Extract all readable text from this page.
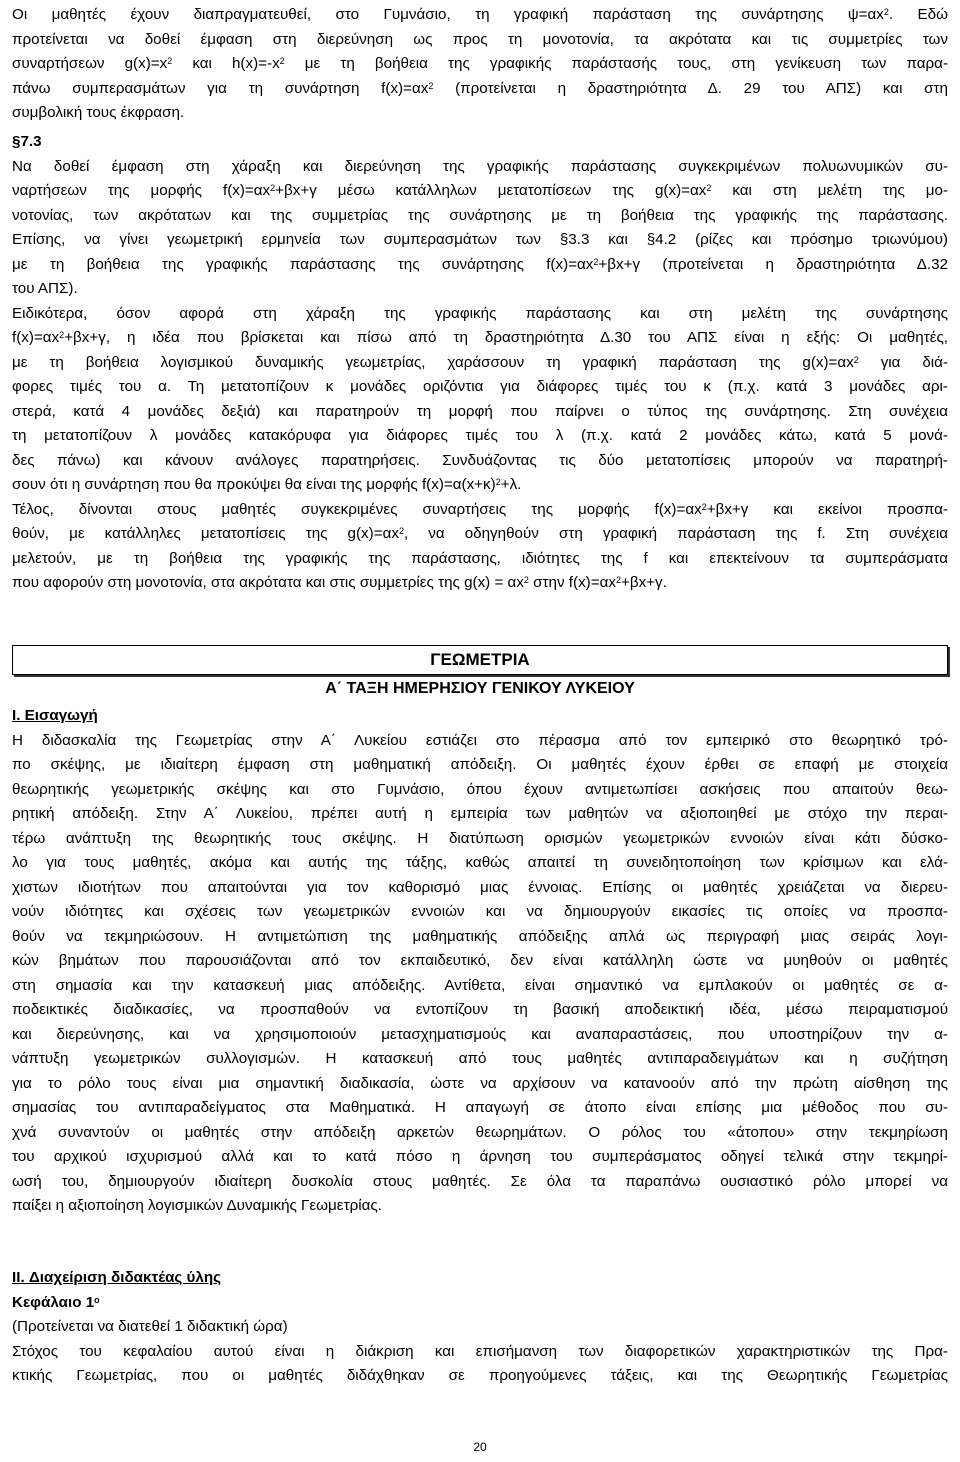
Οι μαθητές έχουν διαπραγματευθεί, στο Γυμνάσιο, τη γραφική παράσταση της συνάρτησης $\psi=\alpha x^2$. Εδώ
προτείνεται να δοθεί έμφαση στη διερεύνηση ως προς τη μονοτονία, τα ακρότατα και τις συμμετρίες των
συναρτήσεων $g(x)=x^2$ και $h(x)=-x^2$ με τη βοήθεια της γραφικής παράστασής τους, στη γενίκευση των παρα-
πάνω συμπερασμάτων για τη συνάρτηση $f(x)=\alpha x^2$ (προτείνεται η δραστηριότητα Δ. 29 του ΑΠΣ) και στη
συμβολική τους έκφραση.
§7.3
Να δοθεί έμφαση στη χάραξη και διερεύνηση της γραφικής παράστασης συγκεκριμένων πολυωνυμικών συ-
ναρτήσεων της μορφής $f(x)=\alpha x^2+\beta x+\gamma$ μέσω κατάλληλων μετατοπίσεων της $g(x)=\alpha x^2$ και στη μελέτη της μο-
νοτονίας, των ακρότατων και της συμμετρίας της συνάρτησης με τη βοήθεια της γραφικής της παράστασης.
Επίσης, να γίνει γεωμετρική ερμηνεία των συμπερασμάτων των §3.3 και §4.2 (ρίζες και πρόσημο τριωνύμου)
με τη βοήθεια της γραφικής παράστασης της συνάρτησης $f(x)=\alpha x^2+\beta x+\gamma$ (προτείνεται η δραστηριότητα Δ.32
του ΑΠΣ).
Ειδικότερα, όσον αφορά στη χάραξη της γραφικής παράστασης και στη μελέτη της συνάρτησης
$f(x)=\alpha x^2+\beta x+\gamma$, η ιδέα που βρίσκεται και πίσω από τη δραστηριότητα Δ.30 του ΑΠΣ είναι η εξής: Οι μαθητές,
με τη βοήθεια λογισμικού δυναμικής γεωμετρίας, χαράσσουν τη γραφική παράσταση της $g(x)=\alpha x^2$ για διά-
φορες τιμές του α. Τη μετατοπίζουν κ μονάδες οριζόντια για διάφορες τιμές του κ (π.χ. κατά 3 μονάδες αρι-
στερά, κατά 4 μονάδες δεξιά) και παρατηρούν τη μορφή που παίρνει ο τύπος της συνάρτησης. Στη συνέχεια
τη μετατοπίζουν λ μονάδες κατακόρυφα για διάφορες τιμές του λ (π.χ. κατά 2 μονάδες κάτω, κατά 5 μονά-
δες πάνω) και κάνουν ανάλογες παρατηρήσεις. Συνδυάζοντας τις δύο μετατοπίσεις μπορούν να παρατηρή-
σουν ότι η συνάρτηση που θα προκύψει θα είναι της μορφής $f(x)=\alpha(x+\kappa)^2+\lambda$.
Τέλος, δίνονται στους μαθητές συγκεκριμένες συναρτήσεις της μορφής $f(x)=\alpha x^2+\beta x+\gamma$ και εκείνοι προσπα-
θούν, με κατάλληλες μετατοπίσεις της $g(x)=\alpha x^2$, να οδηγηθούν στη γραφική παράσταση της f. Στη συνέχεια
μελετούν, με τη βοήθεια της γραφικής της παράστασης, ιδιότητες της f και επεκτείνουν τα συμπεράσματα
που αφορούν στη μονοτονία, στα ακρότατα και στις συμμετρίες της $g(x) = \alpha x^2$ στην $f(x)=\alpha x^2+\beta x+\gamma$.
ΓΕΩΜΕΤΡΙΑ
Α΄ ΤΑΞΗ ΗΜΕΡΗΣΙΟΥ ΓΕΝΙΚΟΥ ΛΥΚΕΙΟΥ
I. Εισαγωγή
Η διδασκαλία της Γεωμετρίας στην Α΄ Λυκείου εστιάζει στο πέρασμα από τον εμπειρικό στο θεωρητικό τρό-
πο σκέψης, με ιδιαίτερη έμφαση στη μαθηματική απόδειξη. Οι μαθητές έχουν έρθει σε επαφή με στοιχεία
θεωρητικής γεωμετρικής σκέψης και στο Γυμνάσιο, όπου έχουν αντιμετωπίσει ασκήσεις που απαιτούν θεω-
ρητική απόδειξη. Στην Α΄ Λυκείου, πρέπει αυτή η εμπειρία των μαθητών να αξιοποιηθεί με στόχο την περαι-
τέρω ανάπτυξη της θεωρητικής τους σκέψης. Η διατύπωση ορισμών γεωμετρικών εννοιών είναι κάτι δύσκο-
λο για τους μαθητές, ακόμα και αυτής της τάξης, καθώς απαιτεί τη συνειδητοποίηση των κρίσιμων και ελά-
χιστων ιδιοτήτων που απαιτούνται για τον καθορισμό μιας έννοιας. Επίσης οι μαθητές χρειάζεται να διερευ-
νούν ιδιότητες και σχέσεις των γεωμετρικών εννοιών και να δημιουργούν εικασίες τις οποίες να προσπα-
θούν να τεκμηριώσουν. Η αντιμετώπιση της μαθηματικής απόδειξης απλά ως περιγραφή μιας σειράς λογι-
κών βημάτων που παρουσιάζονται από τον εκπαιδευτικό, δεν είναι κατάλληλη ώστε να μυηθούν οι μαθητές
στη σημασία και την κατασκευή μιας απόδειξης. Αντίθετα, είναι σημαντικό να εμπλακούν οι μαθητές σε α-
ποδεικτικές διαδικασίες, να προσπαθούν να εντοπίζουν τη βασική αποδεικτική ιδέα, μέσω πειραματισμού
και διερεύνησης, και να χρησιμοποιούν μετασχηματισμούς και αναπαραστάσεις, που υποστηρίζουν την α-
νάπτυξη γεωμετρικών συλλογισμών. Η κατασκευή από τους μαθητές αντιπαραδειγμάτων και η συζήτηση
για το ρόλο τους είναι μια σημαντική διαδικασία, ώστε να αρχίσουν να κατανοούν από την πρώτη αίσθηση της
σημασίας του αντιπαραδείγματος στα Μαθηματικά. Η απαγωγή σε άτοπο είναι επίσης μια μέθοδος που συ-
χνά συναντούν οι μαθητές στην απόδειξη αρκετών θεωρημάτων. Ο ρόλος του «άτοπου» στην τεκμηρίωση
του αρχικού ισχυρισμού αλλά και το κατά πόσο η άρνηση του συμπεράσματος οδηγεί τελικά στην τεκμηρί-
ωσή του, δημιουργούν ιδιαίτερη δυσκολία στους μαθητές. Σε όλα τα παραπάνω ουσιαστικό ρόλο μπορεί να
παίξει η αξιοποίηση λογισμικών Δυναμικής Γεωμετρίας.
II. Διαχείριση διδακτέας ύλης
Κεφάλαιο $1^o$
(Προτείνεται να διατεθεί 1 διδακτική ώρα)
Στόχος του κεφαλαίου αυτού είναι η διάκριση και επισήμανση των διαφορετικών χαρακτηριστικών της Πρα-
κτικής Γεωμετρίας, που οι μαθητές διδάχθηκαν σε προηγούμενες τάξεις, και της Θεωρητικής Γεωμετρίας
20
